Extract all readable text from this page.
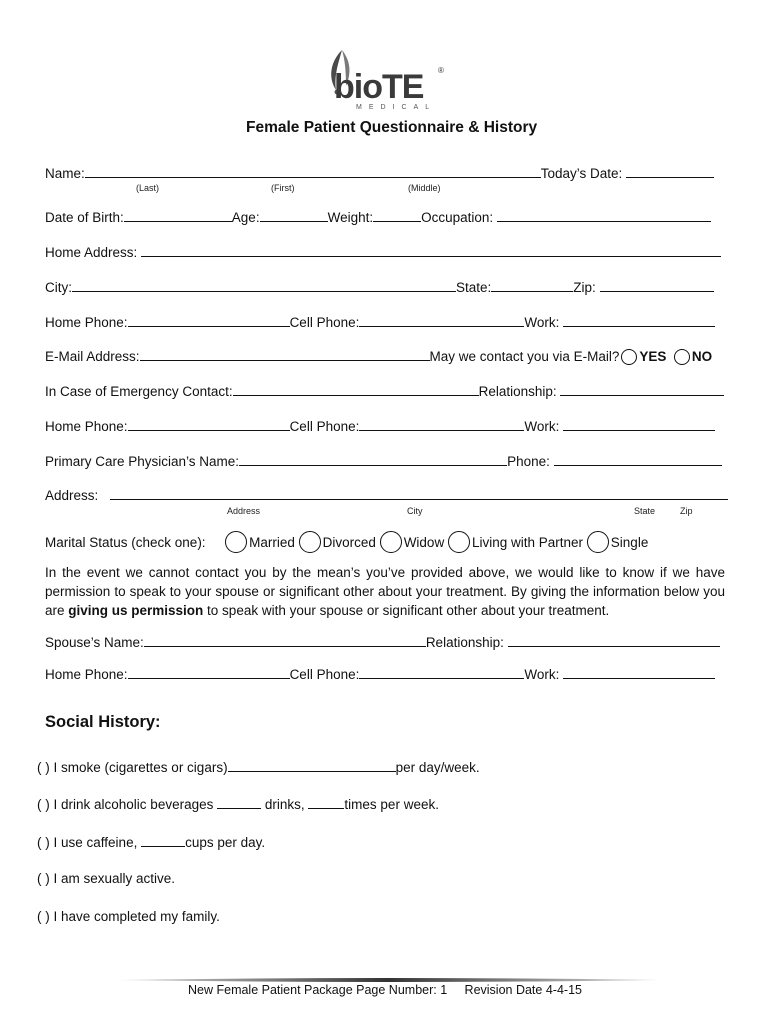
bioTE ®
MEDICAL
Female Patient Questionnaire & History
Name:	Today’s Date:
(Last)	(First)	(Middle)
Date of Birth:	Age:	Weight:	Occupation:
Home Address:
City:	State:	Zip:
Home Phone:	Cell Phone:	Work:
E-Mail Address:	May we contact you via E-Mail? YES NO
In Case of Emergency Contact:	Relationship:
Home Phone:	Cell Phone:	Work:
Primary Care Physician’s Name:	Phone:
Address:
Address	City	State	Zip
Marital Status (check one):	Married Divorced Widow Living with Partner Single
In the event we cannot contact you by the mean’s you’ve provided above, we would like to know if we have permission to speak to your spouse or significant other about your treatment. By giving the information below you are giving us permission to speak with your spouse or significant other about your treatment.
Spouse’s Name:	Relationship:
Home Phone:	Cell Phone:	Work:
Social History:
( ) I smoke (cigarettes or cigars)	per day/week.
( ) I drink alcoholic beverages	drinks,	times per week.
( ) I use caffeine,	cups per day.
( ) I am sexually active.
( ) I have completed my family.
New Female Patient Package Page Number: 1 Revision Date 4-4-15
